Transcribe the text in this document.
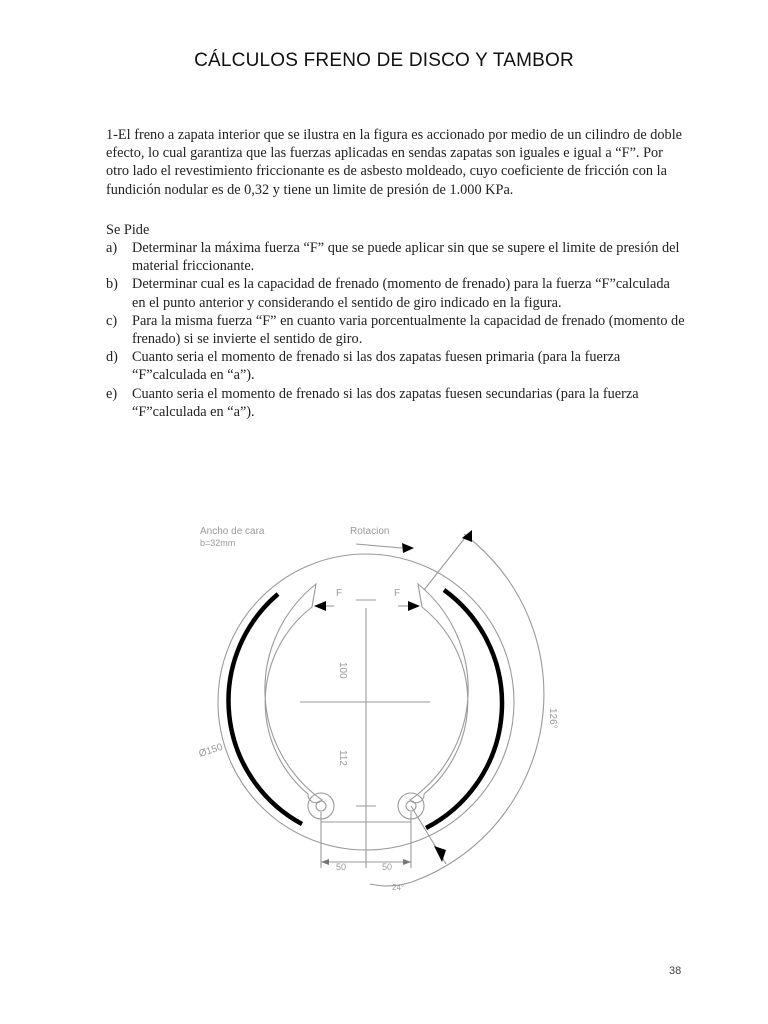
CÁLCULOS FRENO DE DISCO Y TAMBOR

1-El freno a zapata interior que se ilustra en la figura es accionado por medio de un cilindro de doble efecto, lo cual garantiza que las fuerzas aplicadas en sendas zapatas son iguales e igual a “F”. Por otro lado el revestimiento friccionante es de asbesto moldeado, cuyo coeficiente de fricción con la fundición nodular es de 0,32 y tiene un limite de presión de 1.000 KPa.

Se Pide

a) Determinar la máxima fuerza “F” que se puede aplicar sin que se supere el limite de presión del material friccionante.
b) Determinar cual es la capacidad de frenado (momento de frenado) para la fuerza “F”calculada en el punto anterior y considerando el sentido de giro indicado en la figura.
c) Para la misma fuerza “F” en cuanto varia porcentualmente la capacidad de frenado (momento de frenado) si se invierte el sentido de giro.
d) Cuanto seria el momento de frenado si las dos zapatas fuesen primaria (para la fuerza “F”calculada en “a”).
e) Cuanto seria el momento de frenado si las dos zapatas fuesen secundarias (para la fuerza “F”calculada en “a”).
Ancho de cara
b=32mm
Rotacion
F	F
100
112
Ø150
126°
24°
50	50
38
